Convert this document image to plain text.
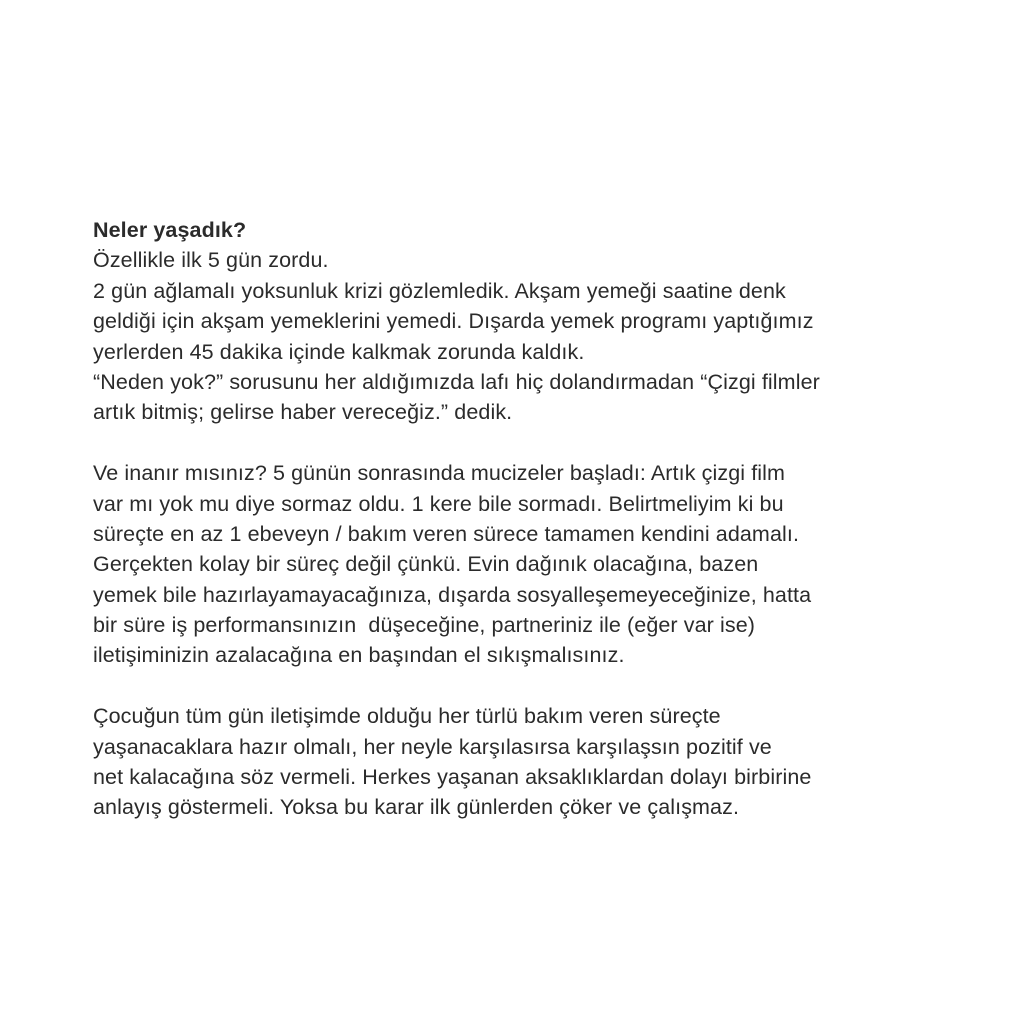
Neler yaşadık?
Özellikle ilk 5 gün zordu.
2 gün ağlamalı yoksunluk krizi gözlemledik. Akşam yemeği saatine denk
geldiği için akşam yemeklerini yemedi. Dışarda yemek programı yaptığımız
yerlerden 45 dakika içinde kalkmak zorunda kaldık.
“Neden yok?” sorusunu her aldığımızda lafı hiç dolandırmadan “Çizgi filmler
artık bitmiş; gelirse haber vereceğiz.” dedik.
Ve inanır mısınız? 5 günün sonrasında mucizeler başladı: Artık çizgi film
var mı yok mu diye sormaz oldu. 1 kere bile sormadı. Belirtmeliyim ki bu
süreçte en az 1 ebeveyn / bakım veren sürece tamamen kendini adamalı.
Gerçekten kolay bir süreç değil çünkü. Evin dağınık olacağına, bazen
yemek bile hazırlayamayacağınıza, dışarda sosyalleşemeyeceğinize, hatta
bir süre iş performansınızın  düşeceğine, partneriniz ile (eğer var ise)
iletişiminizin azalacağına en başından el sıkışmalısınız.
Çocuğun tüm gün iletişimde olduğu her türlü bakım veren süreçte
yaşanacaklara hazır olmalı, her neyle karşılasırsa karşılaşsın pozitif ve
net kalacağına söz vermeli. Herkes yaşanan aksaklıklardan dolayı birbirine
anlayış göstermeli. Yoksa bu karar ilk günlerden çöker ve çalışmaz.
